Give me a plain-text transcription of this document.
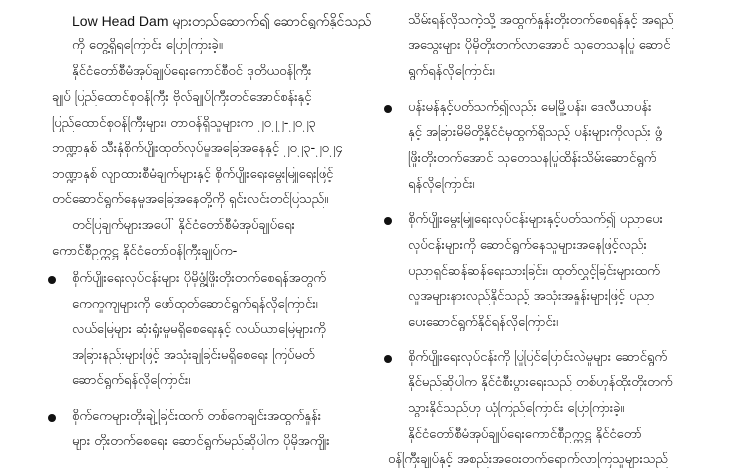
Low Head Dam များတည်ဆောက်၍ ဆောင်ရွက်နိုင်သည်
ကို တွေ့ရှိရကြောင်း ပြောကြားခဲ့။
နိုင်ငံတော်စီမံအုပ်ချုပ်ရေးကောင်စီဝင် ဒုတိယဝန်ကြီး
ချုပ် ပြည်ထောင်စုဝန်ကြီး ဗိုလ်ချုပ်ကြီးတင်အောင်စန်းနှင့်
ပြည်ထောင်စုဝန်ကြီးများ၊ တာဝန်ရှိသူများက ၂၀၂၂-၂၀၂၃
ဘဏ္ဍာနှစ် သီးနှံစိုက်ပျိုးထုတ်လုပ်မှုအခြေအနေနှင့် ၂၀၂၃-၂၀၂၄
ဘဏ္ဍာနှစ် လျာထားစီမံချက်များနှင့် စိုက်ပျိုးရေးမွေးမြူရေးဖြင့်
တင်ဆောင်ရွက်နေမှုအခြေအနေတို့ကို ရှင်းလင်းတင်ပြသည်။
တင်ပြချက်များအပေါ် နိုင်ငံတော်စီမံအုပ်ချုပ်ရေး
ကောင်စီဥက္ကဋ္ဌ နိုင်ငံတော်ဝန်ကြီးချုပ်က-
စိုက်ပျိုးရေးလုပ်ငန်းများ ပိုမိုဖွံ့ဖြိုးတိုးတက်စေရန်အတွက်
ကေကူကျများကို ဖော်ထုတ်ဆောင်ရွက်ရန်လိုကြောင်း၊
လယ်မြေများ ဆုံးရှုံးမှုမရှိစေရေးနှင့် လယ်ယာမြေများကို
အခြားနည်းများဖြင့် အသုံးချခြင်းမရှိစေရေး ကြပ်မတ်
ဆောင်ရွက်ရန်လိုကြောင်း၊
စိုက်ကေများတိုးချဲ့ခြင်းထက် တစ်ကေချင်းအထွက်နှုန်း
များ တိုးတက်စေရေး ဆောင်ရွက်မည်ဆိုပါက ပိုမိုအကျိုး
သိမ်းရန်လိုသကဲ့သို့ အထွက်နှုန်းတိုးတက်စေရန်နှင့် အရည်
အသွေးများ ပိုမိုတိုးတက်လာအောင် သုတေသနပြု ဆောင်
ရွက်ရန်လိုကြောင်း၊
ပန်းမန်နှင့်ပတ်သက်၍လည်း မေမြို့ပန်း၊ ဒေလီယာပန်း
နှင့် အခြားမိမိတို့နိုင်ငံမှထွက်ရှိသည့် ပန်းများကိုလည်း ဖွံ့
ဖြိုးတိုးတက်အောင် သုတေသနပြုထိန်းသိမ်းဆောင်ရွက်
ရန်လိုကြောင်း၊
စိုက်ပျိုးမွေးမြူရေးလုပ်ငန်းများနှင့်ပတ်သက်၍ ပညာပေး
လုပ်ငန်းများကို ဆောင်ရွက်နေသူများအနေဖြင့်လည်း
ပညာရှင်ဆန်ဆန်ရေးသားခြင်း၊ ထုတ်လွှင့်ခြင်းများထက်
လူအများနားလည်နိုင်သည့် အသုံးအနှုန်းများဖြင့် ပညာ
ပေးဆောင်ရွက်နိုင်ရန်လိုကြောင်း၊
စိုက်ပျိုးရေးလုပ်ငန်းကို ပြုပြင်ပြောင်းလဲမှုများ ဆောင်ရွက်
နိုင်မည်ဆိုပါက နိုင်ငံစီးပွားရေးသည် တစ်ဟုန်ထိုးတိုးတက်
သွားနိုင်သည်ဟု ယုံကြည်ကြောင်း ပြောကြားခဲ့။
နိုင်ငံတော်စီမံအုပ်ချုပ်ရေးကောင်စီဥက္ကဋ္ဌ နိုင်ငံတော်
ဝန်ကြီးချုပ်နှင့် အစည်းအဝေးတက်ရောက်လာကြသူများသည်
